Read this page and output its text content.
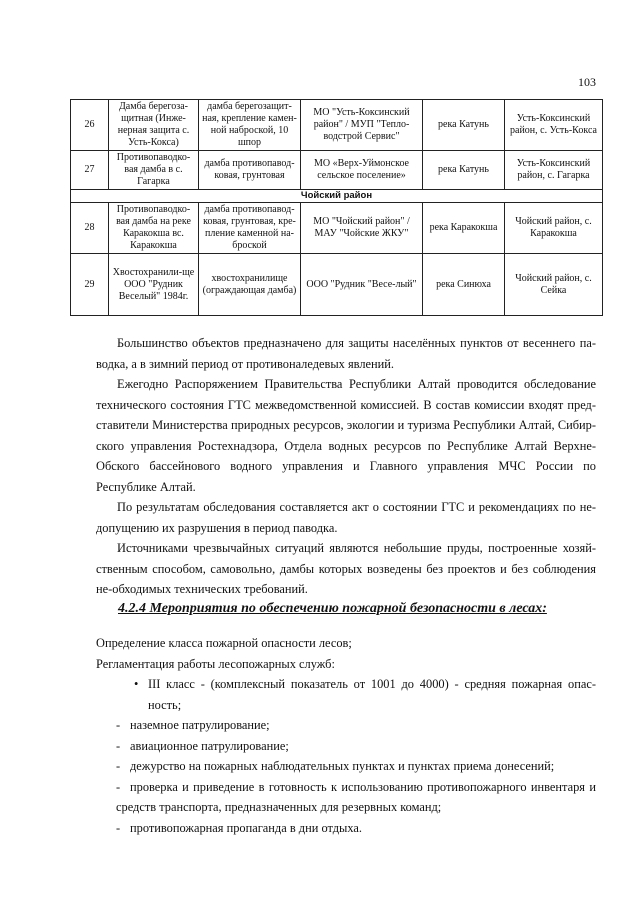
103
26	Дамба берегоза-щитная (Инже-нерная защита с. Усть-Кокса)	дамба берегозащит-ная, крепление камен-ной наброской, 10 шпор	МО "Усть-Коксинский район" / МУП "Тепло-водстрой Сервис"	река Катунь	Усть-Коксинский район, с. Усть-Кокса
27	Противопаводко-вая дамба в с. Гагарка	дамба противопавод-ковая, грунтовая	МО «Верх-Уймонское сельское поселение»	река Катунь	Усть-Коксинский район, с. Гагарка
Чойский район					
28	Противопаводко-вая дамба на реке Каракокша вс. Каракокша	дамба противопавод-ковая, грунтовая, кре-пление каменной на-броской	МО "Чойский район" / МАУ "Чойские ЖКУ"	река Каракокша	Чойский район, с. Каракокша
29	Хвостохранили-ще ООО "Рудник Веселый" 1984г.	хвостохранилище (ограждающая дамба)	ООО "Рудник "Весе-лый"	река Синюха	Чойский район, с. Сейка

Большинство объектов предназначено для защиты населённых пунктов от весеннего па-водка, а в зимний период от противоналедевых явлений.

Ежегодно Распоряжением Правительства Республики Алтай проводится обследование технического состояния ГТС межведомственной комиссией. В состав комиссии входят пред-ставители Министерства природных ресурсов, экологии и туризма Республики Алтай, Сибир-ского управления Ростехнадзора, Отдела водных ресурсов по Республике Алтай Верхне-Обского бассейнового водного управления и Главного управления МЧС России по Республике Алтай.

По результатам обследования составляется акт о состоянии ГТС и рекомендациях по не-допущению их разрушения в период паводка.

Источниками чрезвычайных ситуаций являются небольшие пруды, построенные хозяй-ственным способом, самовольно, дамбы которых возведены без проектов и без соблюдения не-обходимых технических требований.

4.2.4 Мероприятия по обеспечению пожарной безопасности в лесах:
Определение класса пожарной опасности лесов;
Регламентация работы лесопожарных служб:
• III класс - (комплексный показатель от 1001 до 4000) - средняя пожарная опас-ность;
- наземное патрулирование;
- авиационное патрулирование;
- дежурство на пожарных наблюдательных пунктах и пунктах приема донесений;
- проверка и приведение в готовность к использованию противопожарного инвентаря и средств транспорта, предназначенных для резервных команд;
- противопожарная пропаганда в дни отдыха.
